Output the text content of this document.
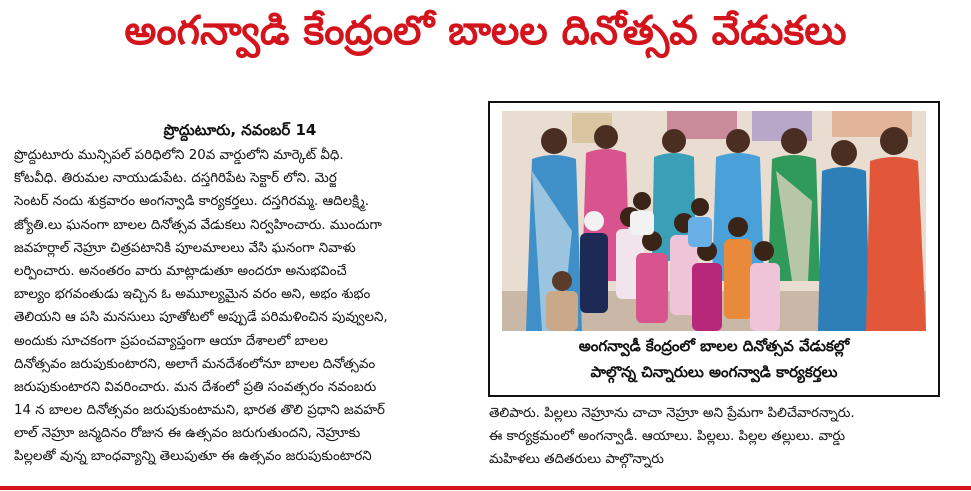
అంగన్వాడి కేంద్రంలో బాలల దినోత్సవ వేడుకలు
ప్రొద్దుటూరు, నవంబర్ 14
ప్రొద్దుటూరు మున్సిపల్ పరిధిలోని 20వ వార్డులోని మార్కెట్ వీధి.
కోటవీధి. తిరుమల నాయుడుపేట. దస్తగిరిపేట సెక్టార్ లోని. మెర్జ
సెంటర్ నందు శుక్రవారం అంగన్వాడి కార్యకర్తలు. దస్తగిరమ్మ. ఆదిలక్ష్మి.
జ్యోతి.లు ఘనంగా బాలల దినోత్సవ వేడుకలు నిర్వహించారు. ముందుగా
జవహర్లాల్ నెహ్రూ చిత్రపటానికి పూలమాలలు వేసి ఘనంగా నివాళు
లర్పించారు. అనంతరం వారు మాట్లాడుతూ అందరూ అనుభవించే
బాల్యం భగవంతుడు ఇచ్చిన ఓ అమూల్యమైన వరం అని, అభం శుభం
తెలియని ఆ పసి మనసులు పూతోటలో అప్పుడే పరిమళించిన పువ్వులని,
అందుకు సూచకంగా ప్రపంచవ్యాప్తంగా ఆయా దేశాలలో బాలల
దినోత్సవం జరుపుకుంటారని, అలాగే మనదేశంలోనూ బాలల దినోత్సవం
జరుపుకుంటారని వివరించారు. మన దేశంలో ప్రతి సంవత్సరం నవంబరు
14 న బాలల దినోత్సవం జరుపుకుంటామని, భారత తొలి ప్రధాని జవహర్
లాల్ నెహ్రూ జన్మదినం రోజున ఈ ఉత్సవం జరుగుతుందని, నెహ్రూకు
పిల్లలతో వున్న బాంధవ్యాన్ని తెలుపుతూ ఈ ఉత్సవం జరుపుకుంటారని
అంగన్వాడీ కేంద్రంలో బాలల దినోత్సవ వేడుకల్లో
పాల్గొన్న చిన్నారులు అంగన్వాడి కార్యకర్తలు
తెలిపారు. పిల్లలు నెహ్రూను చాచా నెహ్రూ అని ప్రేమగా పిలిచేవారన్నారు.
ఈ కార్యక్రమంలో అంగన్వాడీ. ఆయాలు. పిల్లలు. పిల్లల తల్లులు. వార్డు
మహిళలు తదితరులు పాల్గొన్నారు
